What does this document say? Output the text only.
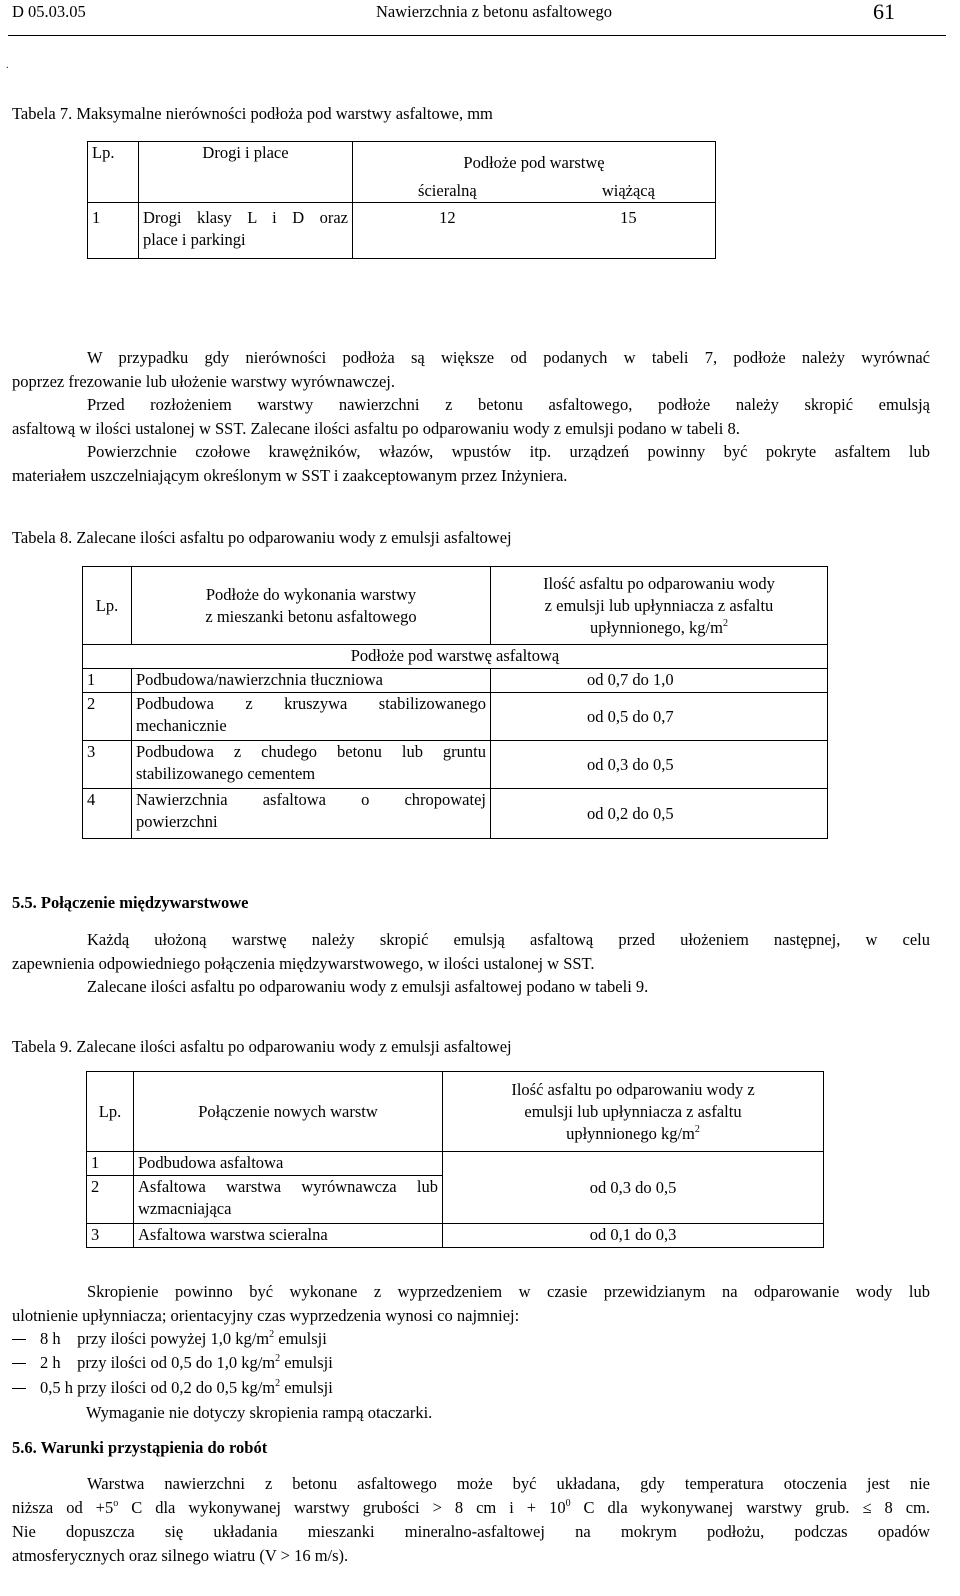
D 05.03.05	Nawierzchnia z betonu asfaltowego	61
.
Tabela 7. Maksymalne nierówności podłoża pod warstwy asfaltowe, mm
Lp.	Drogi i place	Podłoże pod warstwę	
		ścieralną	wiążącą
1	Drogi klasy L i D oraz
place i parkingi	12	15
W przypadku gdy nierówności podłoża są większe od podanych w tabeli 7, podłoże należy wyrównać
poprzez frezowanie lub ułożenie warstwy wyrównawczej.
Przed rozłożeniem warstwy nawierzchni z betonu asfaltowego, podłoże należy skropić emulsją
asfaltową w ilości ustalonej w SST. Zalecane ilości asfaltu po odparowaniu wody z emulsji podano w tabeli 8.
Powierzchnie czołowe krawężników, włazów, wpustów itp. urządzeń powinny być pokryte asfaltem lub
materiałem uszczelniającym określonym w SST i zaakceptowanym przez Inżyniera.
Tabela 8. Zalecane ilości asfaltu po odparowaniu wody z emulsji asfaltowej
Lp.	Podłoże do wykonania warstwy
z mieszanki betonu asfaltowego	Ilość asfaltu po odparowaniu wody
z emulsji lub upłynniacza z asfaltu
upłynnionego, $kg/m^2$

Podłoże pod warstwę asfaltową		
1	Podbudowa/nawierzchnia tłuczniowa	od 0,7 do 1,0
2	Podbudowa z kruszywa stabilizowanego
mechanicznie	od 0,5 do 0,7
3	Podbudowa z chudego betonu lub gruntu
stabilizowanego cementem	od 0,3 do 0,5
4	Nawierzchnia asfaltowa o chropowatej
powierzchni	od 0,2 do 0,5
5.5. Połączenie międzywarstwowe
Każdą ułożoną warstwę należy skropić emulsją asfaltową przed ułożeniem następnej, w celu
zapewnienia odpowiedniego połączenia międzywarstwowego, w ilości ustalonej w SST.
Zalecane ilości asfaltu po odparowaniu wody z emulsji asfaltowej podano w tabeli 9.
Tabela 9. Zalecane ilości asfaltu po odparowaniu wody z emulsji asfaltowej
Lp.	Połączenie nowych warstw	Ilość asfaltu po odparowaniu wody z
emulsji lub upłynniacza z asfaltu
upłynnionego $kg/m^2$

1	Podbudowa asfaltowa	od 0,3 do 0,5
2	Asfaltowa warstwa wyrównawcza lub
wzmacniająca	

3	Asfaltowa warstwa scieralna	od 0,1 do 0,3
Skropienie powinno być wykonane z wyprzedzeniem w czasie przewidzianym na odparowanie wody lub
ulotnienie upłynniacza; orientacyjny czas wyprzedzenia wynosi co najmniej:
8 h przy ilości powyżej 1,0 $kg/m^2$ emulsji
2 h przy ilości od 0,5 do 1,0 $kg/m^2$ emulsji
0,5 h przy ilości od 0,2 do 0,5 $kg/m^2$ emulsji
Wymaganie nie dotyczy skropienia rampą otaczarki.
5.6. Warunki przystąpienia do robót
Warstwa nawierzchni z betonu asfaltowego może być układana, gdy temperatura otoczenia jest nie
niższa od $+5^o$ C dla wykonywanej warstwy grubości > 8 cm $i + 10^0$ C dla wykonywanej warstwy grub. ≤ 8 cm.
Nie dopuszcza się układania mieszanki mineralno-asfaltowej na mokrym podłożu, podczas opadów
atmosferycznych oraz silnego wiatru (V > 16 m/s).
